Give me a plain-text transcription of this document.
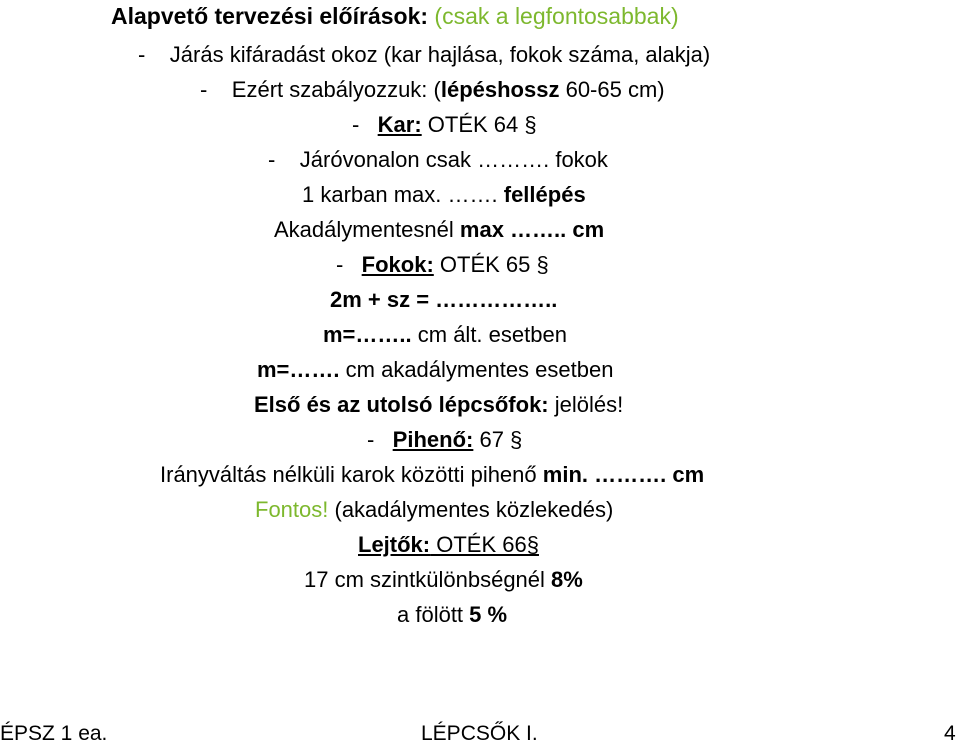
Alapvető tervezési előírások: (csak a legfontosabbak)
- Járás kifáradást okoz (kar hajlása, fokok száma, alakja)
- Ezért szabályozzuk: (lépéshossz 60-65 cm)
- Kar: OTÉK 64 §
- Járóvonalon csak ………. fokok
1 karban max. ……. fellépés
Akadálymentesnél max …….. cm
- Fokok: OTÉK 65 §
2m + sz = ……………..
m=…….. cm ált. esetben
m=……. cm akadálymentes esetben
Első és az utolsó lépcsőfok: jelölés!
- Pihenő: 67 §
Irányváltás nélküli karok közötti pihenő min. ………. cm
Fontos! (akadálymentes közlekedés)
Lejtők: OTÉK 66§
17 cm szintkülönbségnél 8%
a fölött 5 %
ÉPSZ 1 ea.	LÉPCSŐK I.	4
